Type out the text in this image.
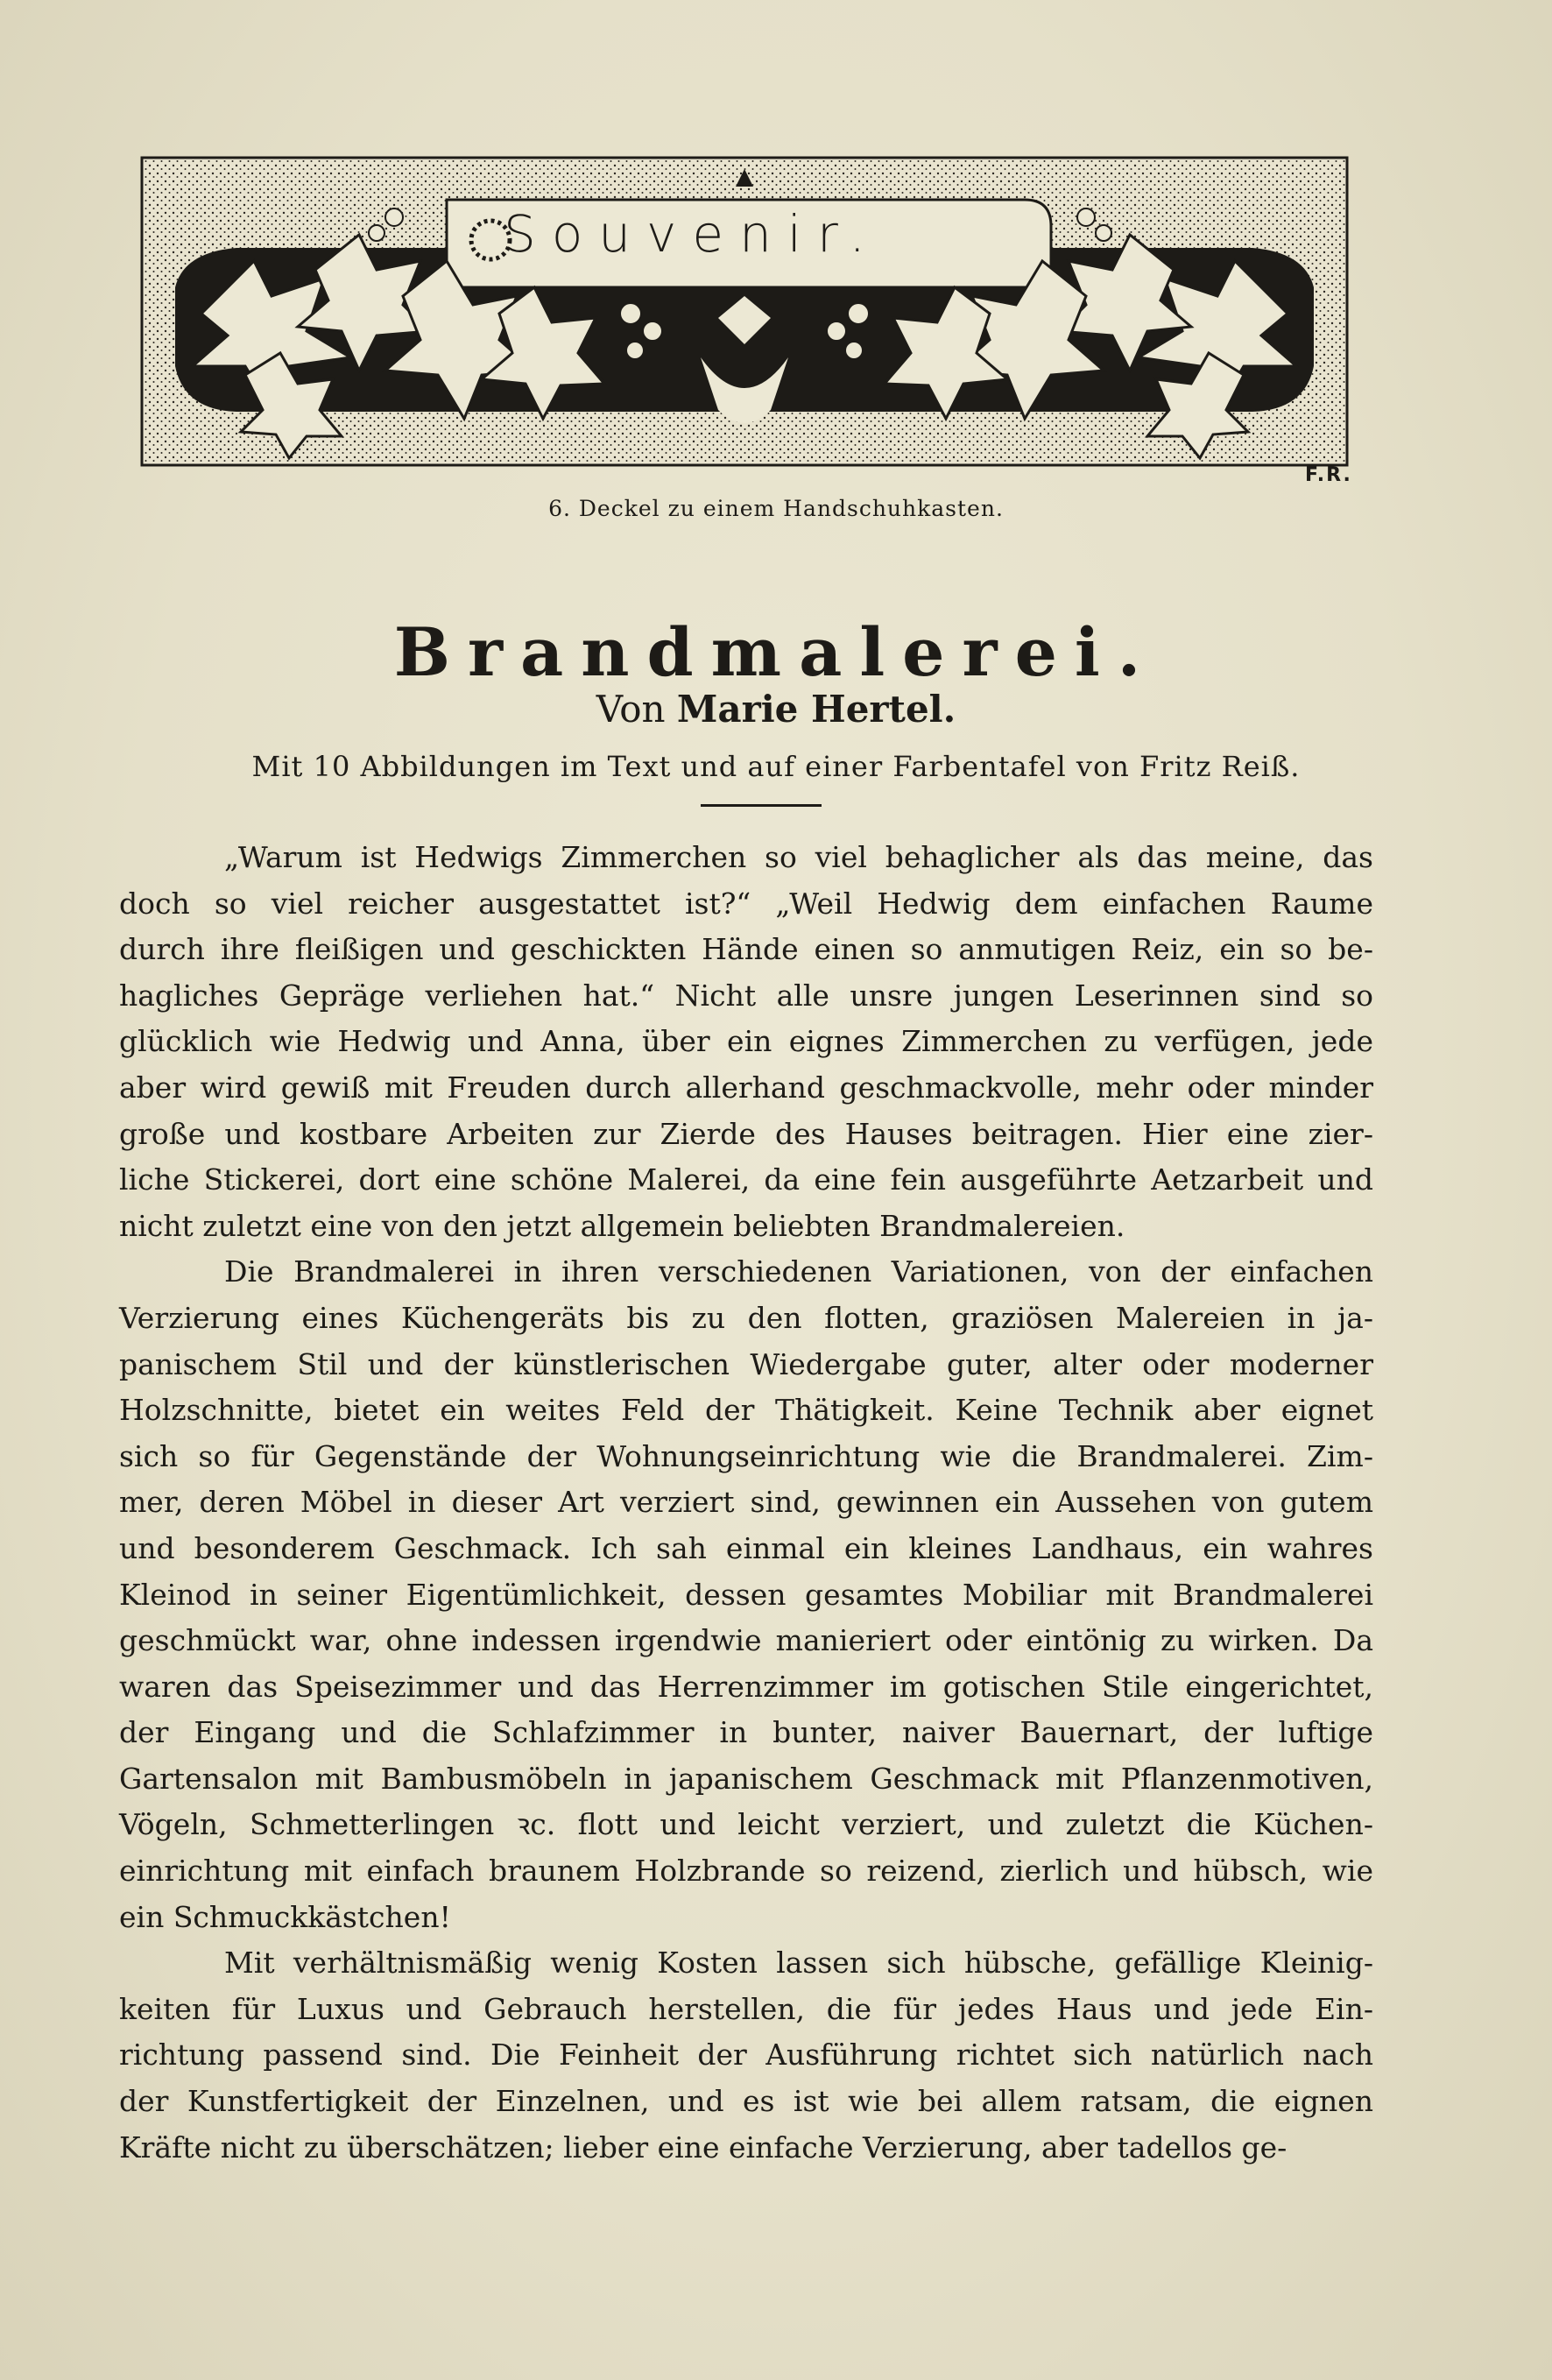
Souvenir.
F.R.
6. Deckel zu einem Handschuhkasten.
Brandmalerei.
Von Marie Hertel.
Mit 10 Abbildungen im Text und auf einer Farbentafel von Fritz Reiß.

„Warum ist Hedwigs Zimmerchen so viel behaglicher als das meine, das
doch so viel reicher ausgestattet ist?“ „Weil Hedwig dem einfachen Raume
durch ihre fleißigen und geschickten Hände einen so anmutigen Reiz, ein so be-
hagliches Gepräge verliehen hat.“ Nicht alle unsre jungen Leserinnen sind so
glücklich wie Hedwig und Anna, über ein eignes Zimmerchen zu verfügen, jede
aber wird gewiß mit Freuden durch allerhand geschmackvolle, mehr oder minder
große und kostbare Arbeiten zur Zierde des Hauses beitragen. Hier eine zier-
liche Stickerei, dort eine schöne Malerei, da eine fein ausgeführte Aetzarbeit und
nicht zuletzt eine von den jetzt allgemein beliebten Brandmalereien.

Die Brandmalerei in ihren verschiedenen Variationen, von der einfachen
Verzierung eines Küchengeräts bis zu den flotten, graziösen Malereien in ja-
panischem Stil und der künstlerischen Wiedergabe guter, alter oder moderner
Holzschnitte, bietet ein weites Feld der Thätigkeit. Keine Technik aber eignet
sich so für Gegenstände der Wohnungseinrichtung wie die Brandmalerei. Zim-
mer, deren Möbel in dieser Art verziert sind, gewinnen ein Aussehen von gutem
und besonderem Geschmack. Ich sah einmal ein kleines Landhaus, ein wahres
Kleinod in seiner Eigentümlichkeit, dessen gesamtes Mobiliar mit Brandmalerei
geschmückt war, ohne indessen irgendwie manieriert oder eintönig zu wirken. Da
waren das Speisezimmer und das Herrenzimmer im gotischen Stile eingerichtet,
der Eingang und die Schlafzimmer in bunter, naiver Bauernart, der luftige
Gartensalon mit Bambusmöbeln in japanischem Geschmack mit Pflanzenmotiven,
Vögeln, Schmetterlingen ꝛc. flott und leicht verziert, und zuletzt die Küchen-
einrichtung mit einfach braunem Holzbrande so reizend, zierlich und hübsch, wie
ein Schmuckkästchen!

Mit verhältnismäßig wenig Kosten lassen sich hübsche, gefällige Kleinig-
keiten für Luxus und Gebrauch herstellen, die für jedes Haus und jede Ein-
richtung passend sind. Die Feinheit der Ausführung richtet sich natürlich nach
der Kunstfertigkeit der Einzelnen, und es ist wie bei allem ratsam, die eignen
Kräfte nicht zu überschätzen; lieber eine einfache Verzierung, aber tadellos ge-
